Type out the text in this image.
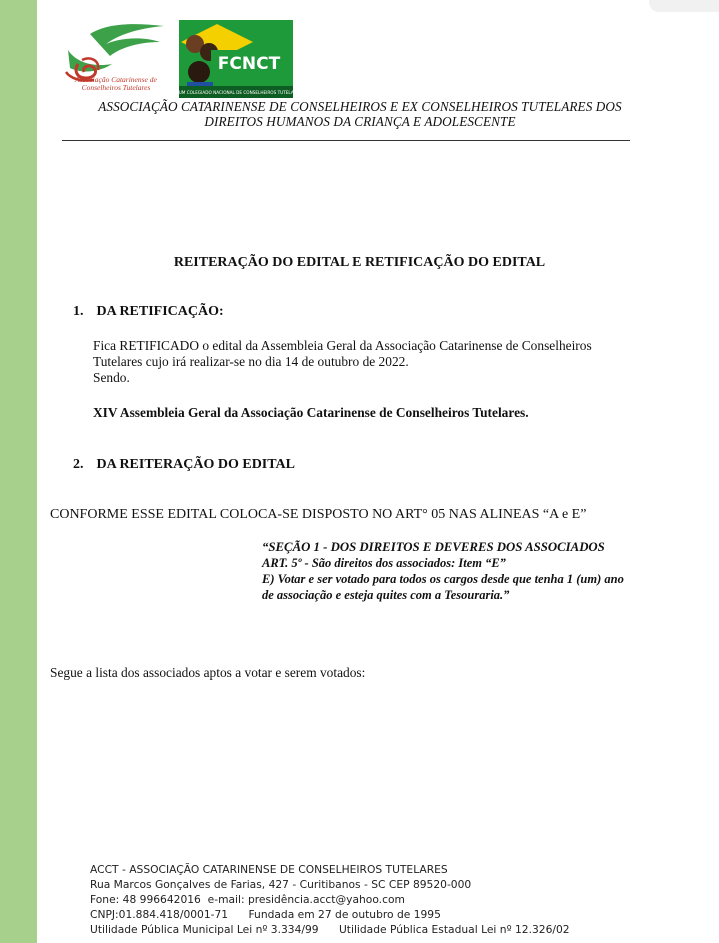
Associação Catarinense de Conselheiros Tutelares
FCNCT
FÓRUM COLEGIADO NACIONAL DE CONSELHEIROS TUTELARES
ASSOCIAÇÃO CATARINENSE DE CONSELHEIROS E EX CONSELHEIROS TUTELARES DOS
DIREITOS HUMANOS DA CRIANÇA E ADOLESCENTE
REITERAÇÃO DO EDITAL E RETIFICAÇÃO DO EDITAL
1. DA RETIFICAÇÃO:
Fica RETIFICADO o edital da Assembleia Geral da Associação Catarinense de Conselheiros
Tutelares cujo irá realizar-se no dia 14 de outubro de 2022.
Sendo.
XIV Assembleia Geral da Associação Catarinense de Conselheiros Tutelares.
2. DA REITERAÇÃO DO EDITAL
CONFORME ESSE EDITAL COLOCA-SE DISPOSTO NO ART° 05 NAS ALINEAS “A e E”
“SEÇÃO 1 - DOS DIREITOS E DEVERES DOS ASSOCIADOS
ART. 5º - São direitos dos associados: Item “E”
E) Votar e ser votado para todos os cargos desde que tenha 1 (um) ano
de associação e esteja quites com a Tesouraria.”
Segue a lista dos associados aptos a votar e serem votados:
ACCT - ASSOCIAÇÃO CATARINENSE DE CONSELHEIROS TUTELARES
Rua Marcos Gonçalves de Farias, 427 - Curitibanos - SC CEP 89520-000
Fone: 48 996642016  e-mail: presidência.acct@yahoo.com
CNPJ:01.884.418/0001-71      Fundada em 27 de outubro de 1995
Utilidade Pública Municipal Lei nº 3.334/99      Utilidade Pública Estadual Lei nº 12.326/02
